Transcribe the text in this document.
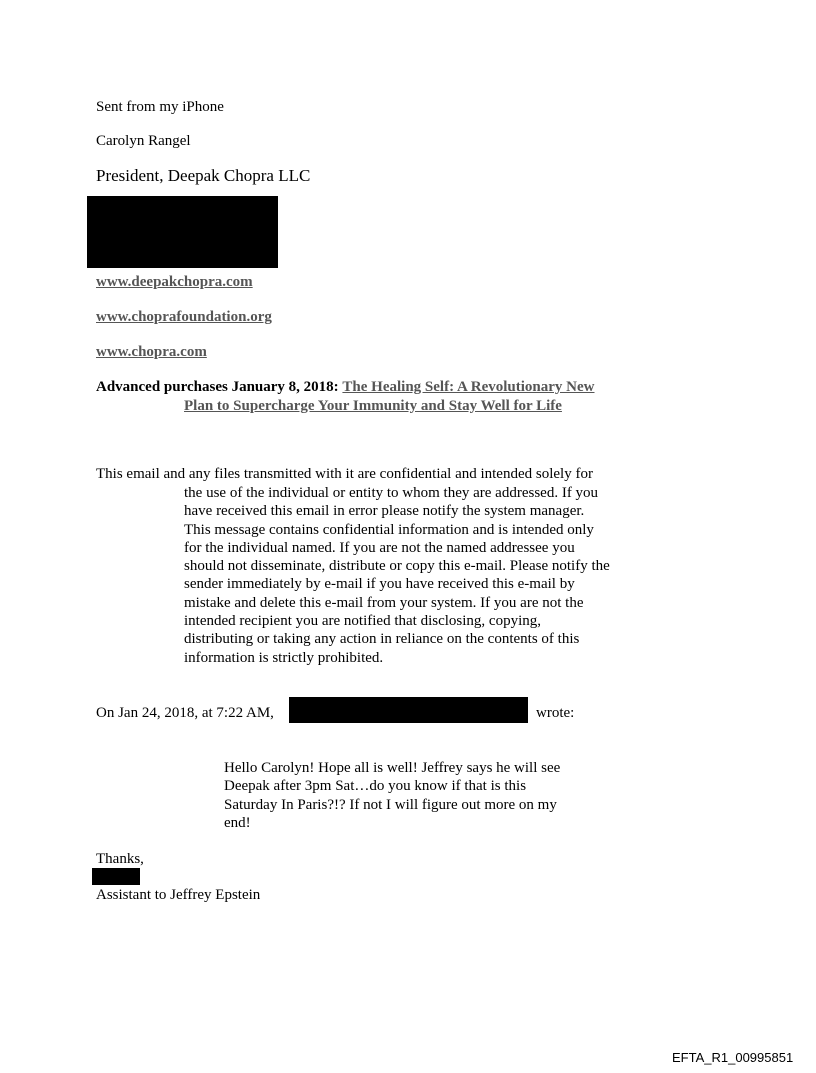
Sent from my iPhone
Carolyn Rangel
President, Deepak Chopra LLC
www.deepakchopra.com
www.choprafoundation.org
www.chopra.com
Advanced purchases January 8, 2018: The Healing Self: A Revolutionary New
Plan to Supercharge Your Immunity and Stay Well for Life
This email and any files transmitted with it are confidential and intended solely for
the use of the individual or entity to whom they are addressed. If you
have received this email in error please notify the system manager.
This message contains confidential information and is intended only
for the individual named. If you are not the named addressee you
should not disseminate, distribute or copy this e-mail. Please notify the
sender immediately by e-mail if you have received this e-mail by
mistake and delete this e-mail from your system. If you are not the
intended recipient you are notified that disclosing, copying,
distributing or taking any action in reliance on the contents of this
information is strictly prohibited.
On Jan 24, 2018, at 7:22 AM,	wrote:
Hello Carolyn! Hope all is well! Jeffrey says he will see
Deepak after 3pm Sat…do you know if that is this
Saturday In Paris?!? If not I will figure out more on my
end!
Thanks,
Assistant to Jeffrey Epstein
EFTA_R1_00995851
